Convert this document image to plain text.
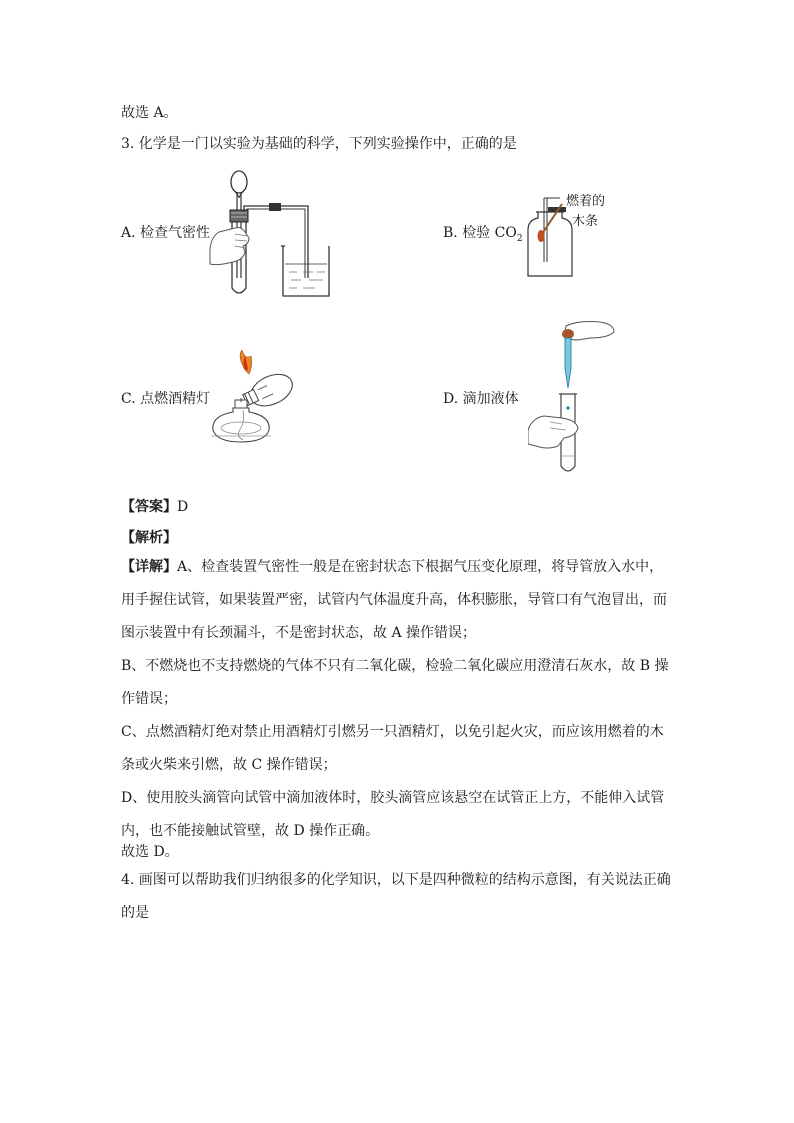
故选 A。
3. 化学是一门以实验为基础的科学，下列实验操作中，正确的是
A. 检查气密性	B. 检验 $CO_2$
燃着的
木条
C. 点燃酒精灯	D. 滴加液体
【答案】D
【解析】
【详解】A、检查装置气密性一般是在密封状态下根据气压变化原理，将导管放入水中，用手握住试管，如果装置严密，试管内气体温度升高，体积膨胀，导管口有气泡冒出，而图示装置中有长颈漏斗，不是密封状态，故 A 操作错误；
B、不燃烧也不支持燃烧的气体不只有二氧化碳，检验二氧化碳应用澄清石灰水，故 B 操作错误；
C、点燃酒精灯绝对禁止用酒精灯引燃另一只酒精灯，以免引起火灾，而应该用燃着的木条或火柴来引燃，故 C 操作错误；
D、使用胶头滴管向试管中滴加液体时，胶头滴管应该悬空在试管正上方，不能伸入试管内，也不能接触试管壁，故 D 操作正确。
故选 D。
4. 画图可以帮助我们归纳很多的化学知识，以下是四种微粒的结构示意图，有关说法正确的是
